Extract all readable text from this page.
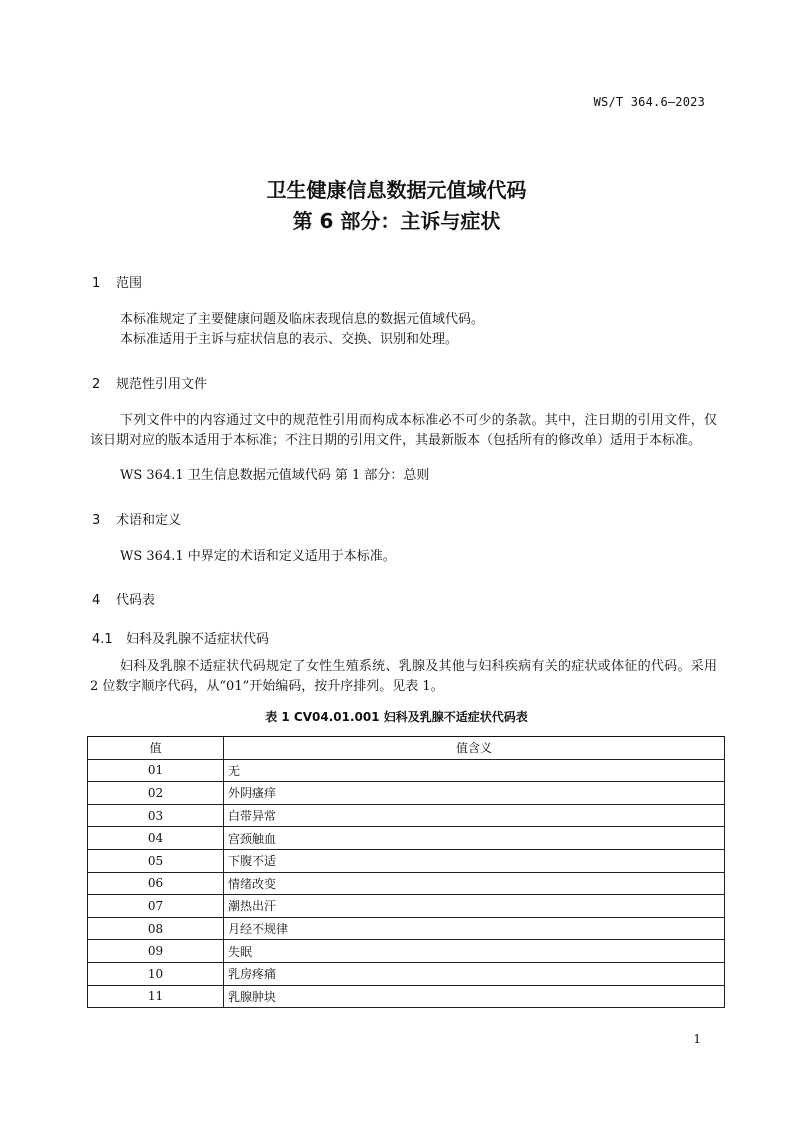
WS/T 364.6—2023
卫生健康信息数据元值域代码
第 6 部分：主诉与症状
1 范围
本标准规定了主要健康问题及临床表现信息的数据元值域代码。
本标准适用于主诉与症状信息的表示、交换、识别和处理。
2 规范性引用文件
下列文件中的内容通过文中的规范性引用而构成本标准必不可少的条款。其中，注日期的引用文件，仅该日期对应的版本适用于本标准；不注日期的引用文件，其最新版本（包括所有的修改单）适用于本标准。
WS 364.1 卫生信息数据元值域代码 第 1 部分：总则
3 术语和定义
WS 364.1 中界定的术语和定义适用于本标准。
4 代码表
4.1 妇科及乳腺不适症状代码
妇科及乳腺不适症状代码规定了女性生殖系统、乳腺及其他与妇科疾病有关的症状或体征的代码。采用 2 位数字顺序代码，从“01”开始编码，按升序排列。见表 1。
表 1 CV04.01.001 妇科及乳腺不适症状代码表
值	值含义
01	无
02	外阴瘙痒
03	白带异常
04	宫颈触血
05	下腹不适
06	情绪改变
07	潮热出汗
08	月经不规律
09	失眠
10	乳房疼痛
11	乳腺肿块
1
